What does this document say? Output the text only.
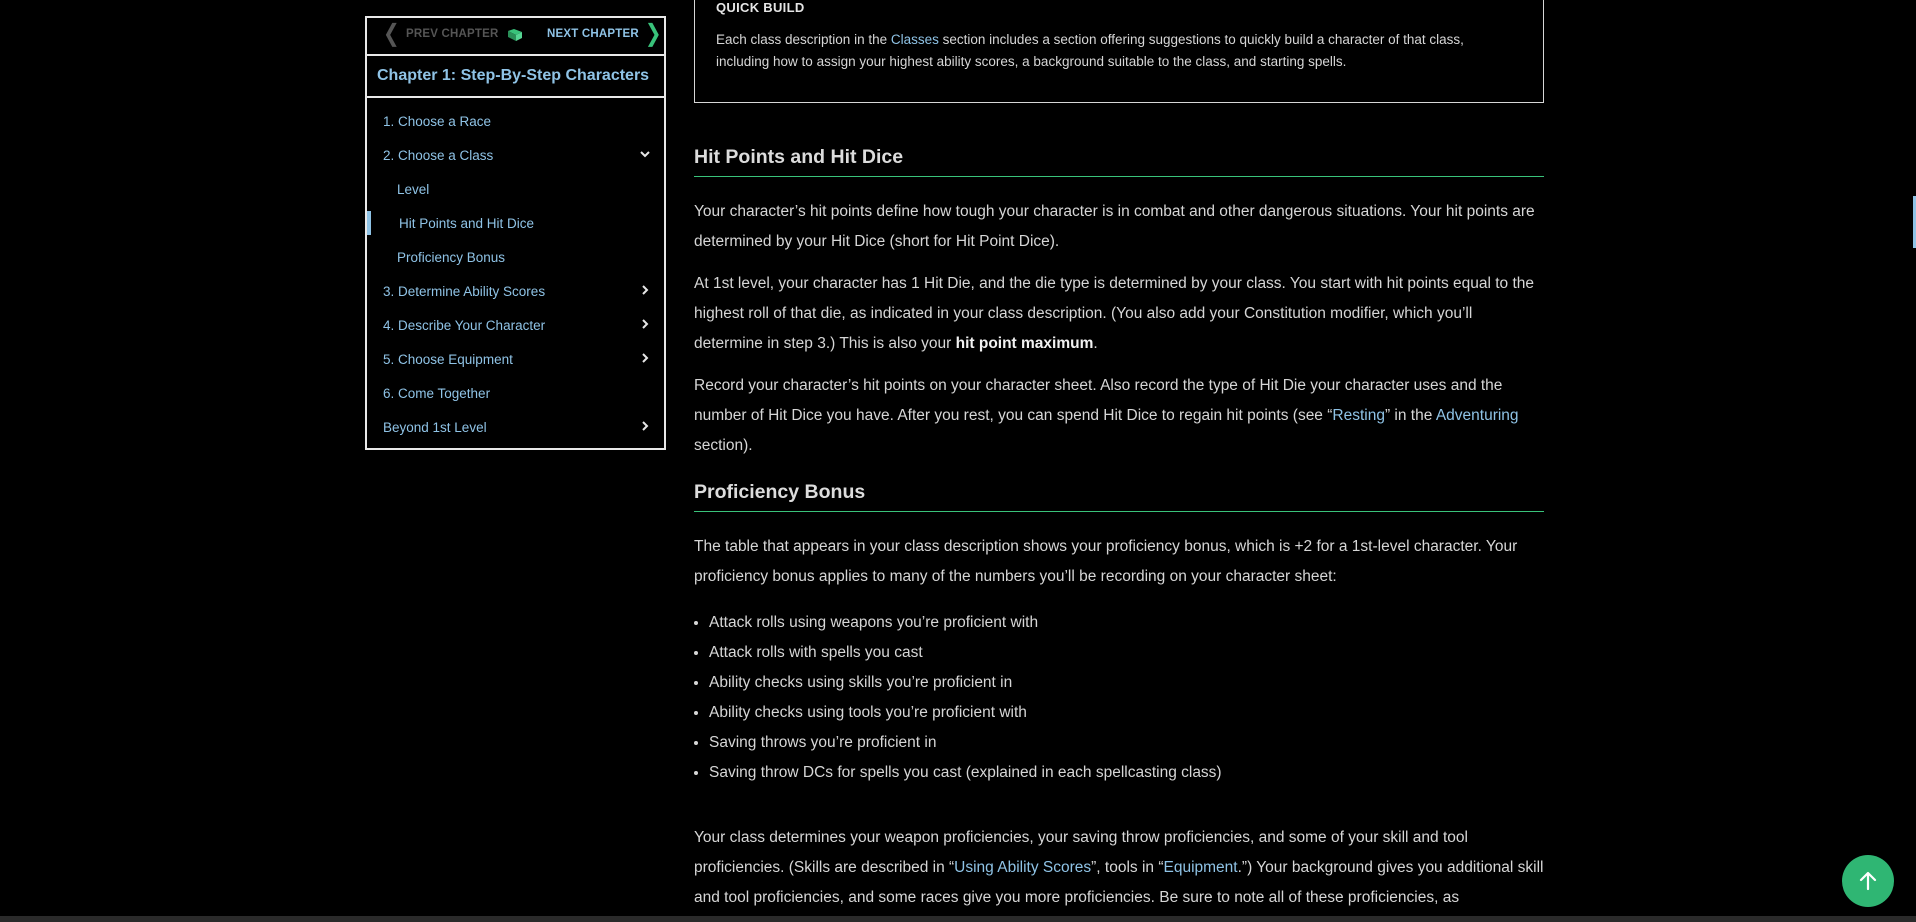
❮ PREV CHAPTER	NEXT CHAPTER ❯
Chapter 1: Step-By-Step Characters
1. Choose a Race
2. Choose a Class
Level
Hit Points and Hit Dice
Proficiency Bonus
3. Determine Ability Scores
4. Describe Your Character
5. Choose Equipment
6. Come Together
Beyond 1st Level
QUICK BUILD
Each class description in the Classes section includes a section offering suggestions to quickly build a character of that class, including how to assign your highest ability scores, a background suitable to the class, and starting spells.
Hit Points and Hit Dice

Your character’s hit points define how tough your character is in combat and other dangerous situations. Your hit points are determined by your Hit Dice (short for Hit Point Dice).

At 1st level, your character has 1 Hit Die, and the die type is determined by your class. You start with hit points equal to the highest roll of that die, as indicated in your class description. (You also add your Constitution modifier, which you’ll determine in step 3.) This is also your hit point maximum.

Record your character’s hit points on your character sheet. Also record the type of Hit Die your character uses and the number of Hit Dice you have. After you rest, you can spend Hit Dice to regain hit points (see “Resting” in the Adventuring section).

Proficiency Bonus

The table that appears in your class description shows your proficiency bonus, which is +2 for a 1st-level character. Your proficiency bonus applies to many of the numbers you’ll be recording on your character sheet:

• Attack rolls using weapons you’re proficient with
• Attack rolls with spells you cast
• Ability checks using skills you’re proficient in
• Ability checks using tools you’re proficient with
• Saving throws you’re proficient in
• Saving throw DCs for spells you cast (explained in each spellcasting class)

Your class determines your weapon proficiencies, your saving throw proficiencies, and some of your skill and tool proficiencies. (Skills are described in “Using Ability Scores”, tools in “Equipment.”) Your background gives you additional skill and tool proficiencies, and some races give you more proficiencies. Be sure to note all of these proficiencies, as
